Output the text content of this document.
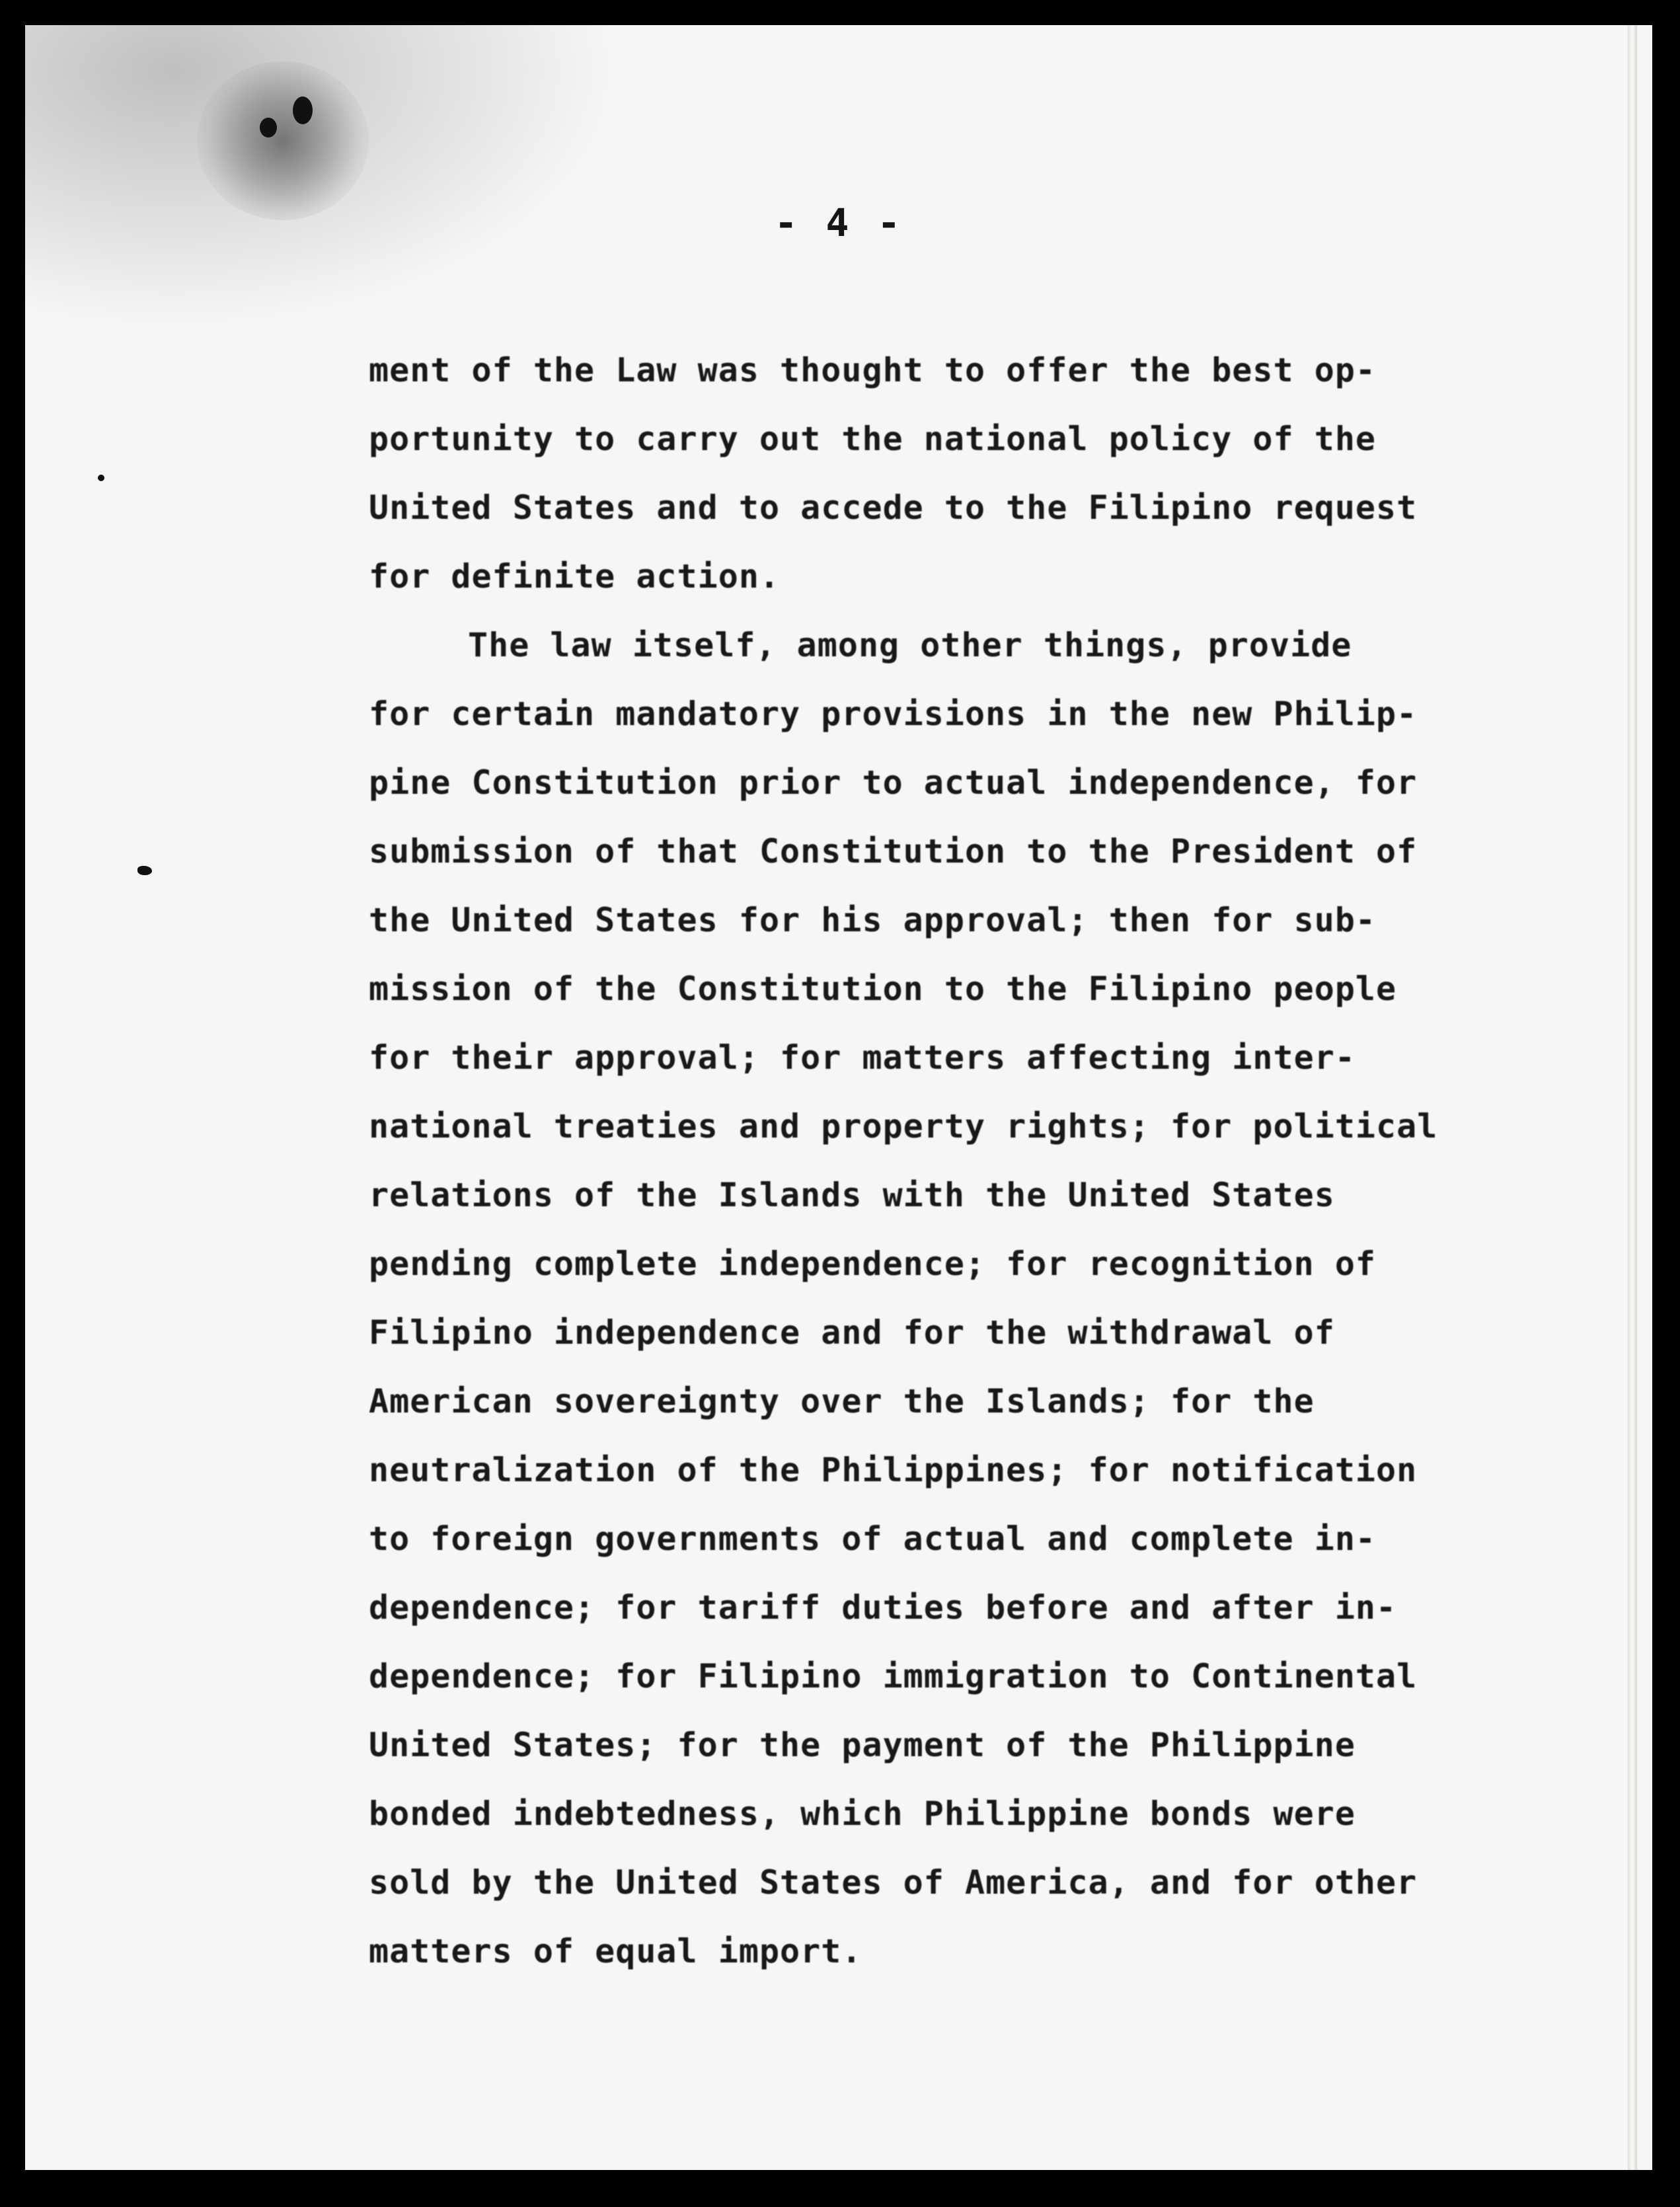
- 4 -
ment of the Law was thought to offer the best op-
portunity to carry out the national policy of the
United States and to accede to the Filipino request
for definite action.
The law itself, among other things, provide
for certain mandatory provisions in the new Philip-
pine Constitution prior to actual independence, for
submission of that Constitution to the President of
the United States for his approval; then for sub-
mission of the Constitution to the Filipino people
for their approval; for matters affecting inter-
national treaties and property rights; for political
relations of the Islands with the United States
pending complete independence; for recognition of
Filipino independence and for the withdrawal of
American sovereignty over the Islands; for the
neutralization of the Philippines; for notification
to foreign governments of actual and complete in-
dependence; for tariff duties before and after in-
dependence; for Filipino immigration to Continental
United States; for the payment of the Philippine
bonded indebtedness, which Philippine bonds were
sold by the United States of America, and for other
matters of equal import.
